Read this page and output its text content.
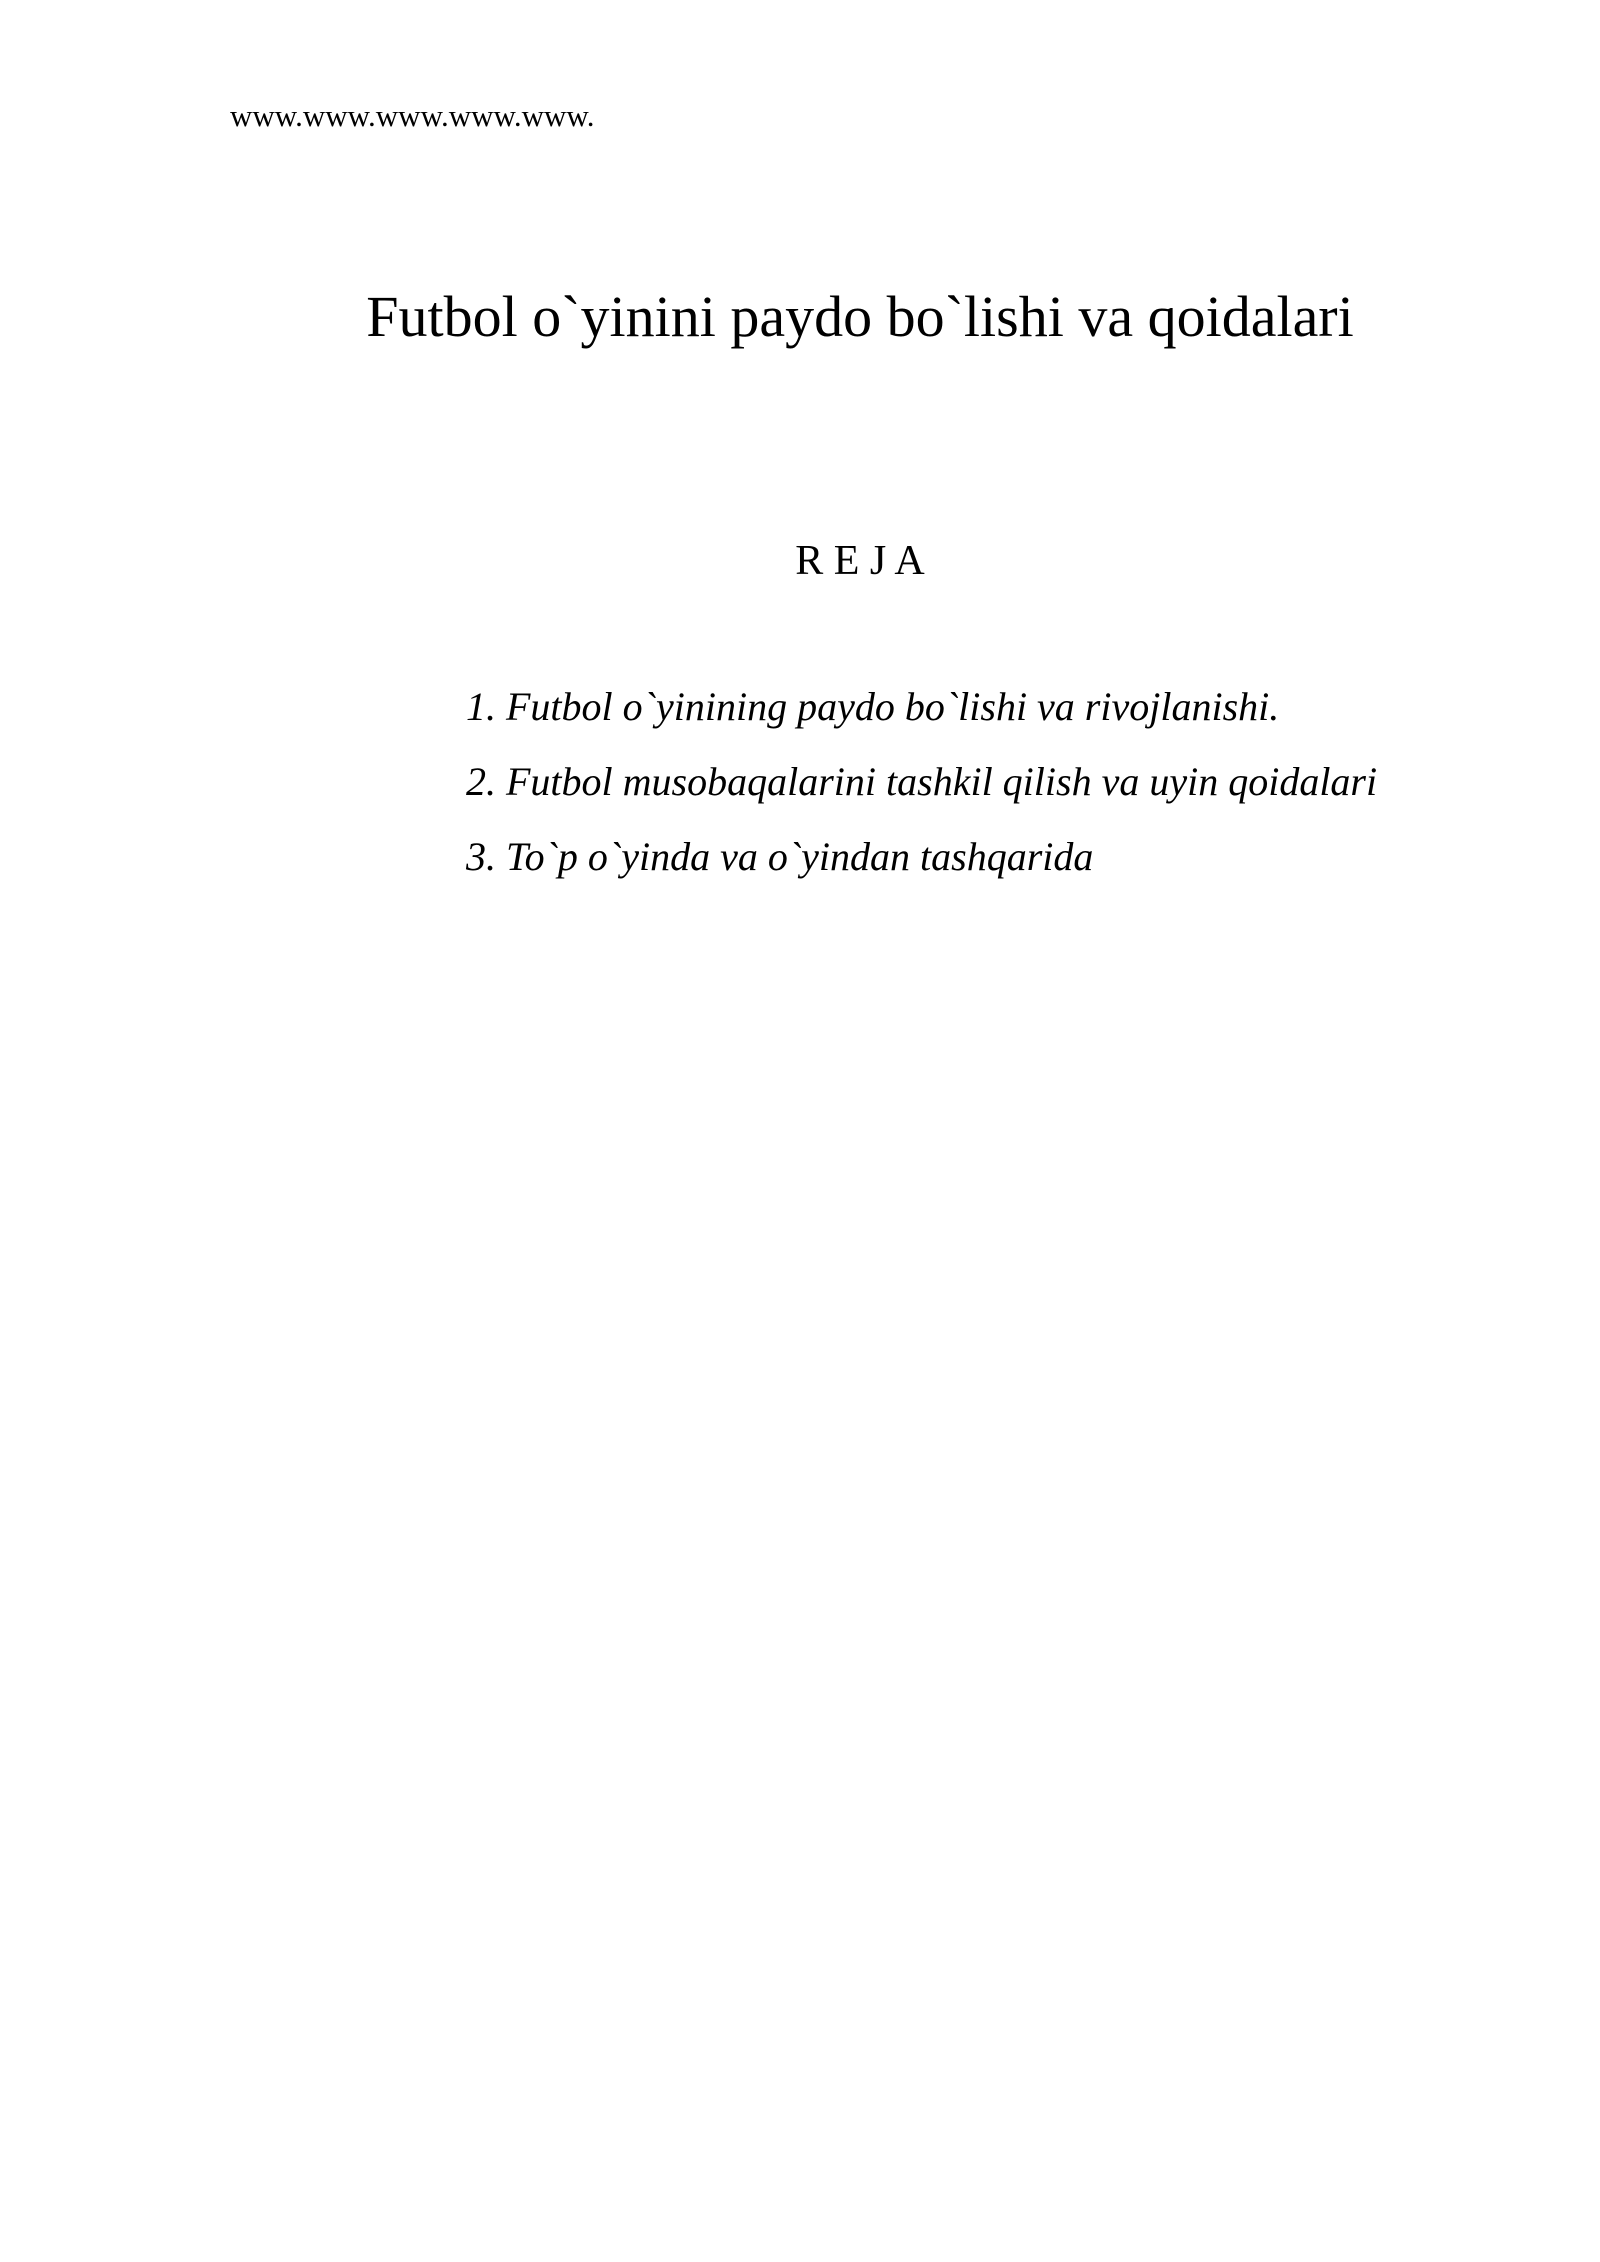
www.www.www.www.www.
Futbol o`yinini paydo bo`lishi va qoidalari
R E J A
1. Futbol o`yinining paydo bo`lishi va rivojlanishi.
2. Futbol musobaqalarini tashkil qilish va uyin qoidalari
3. To`p o`yinda va o`yindan tashqarida
